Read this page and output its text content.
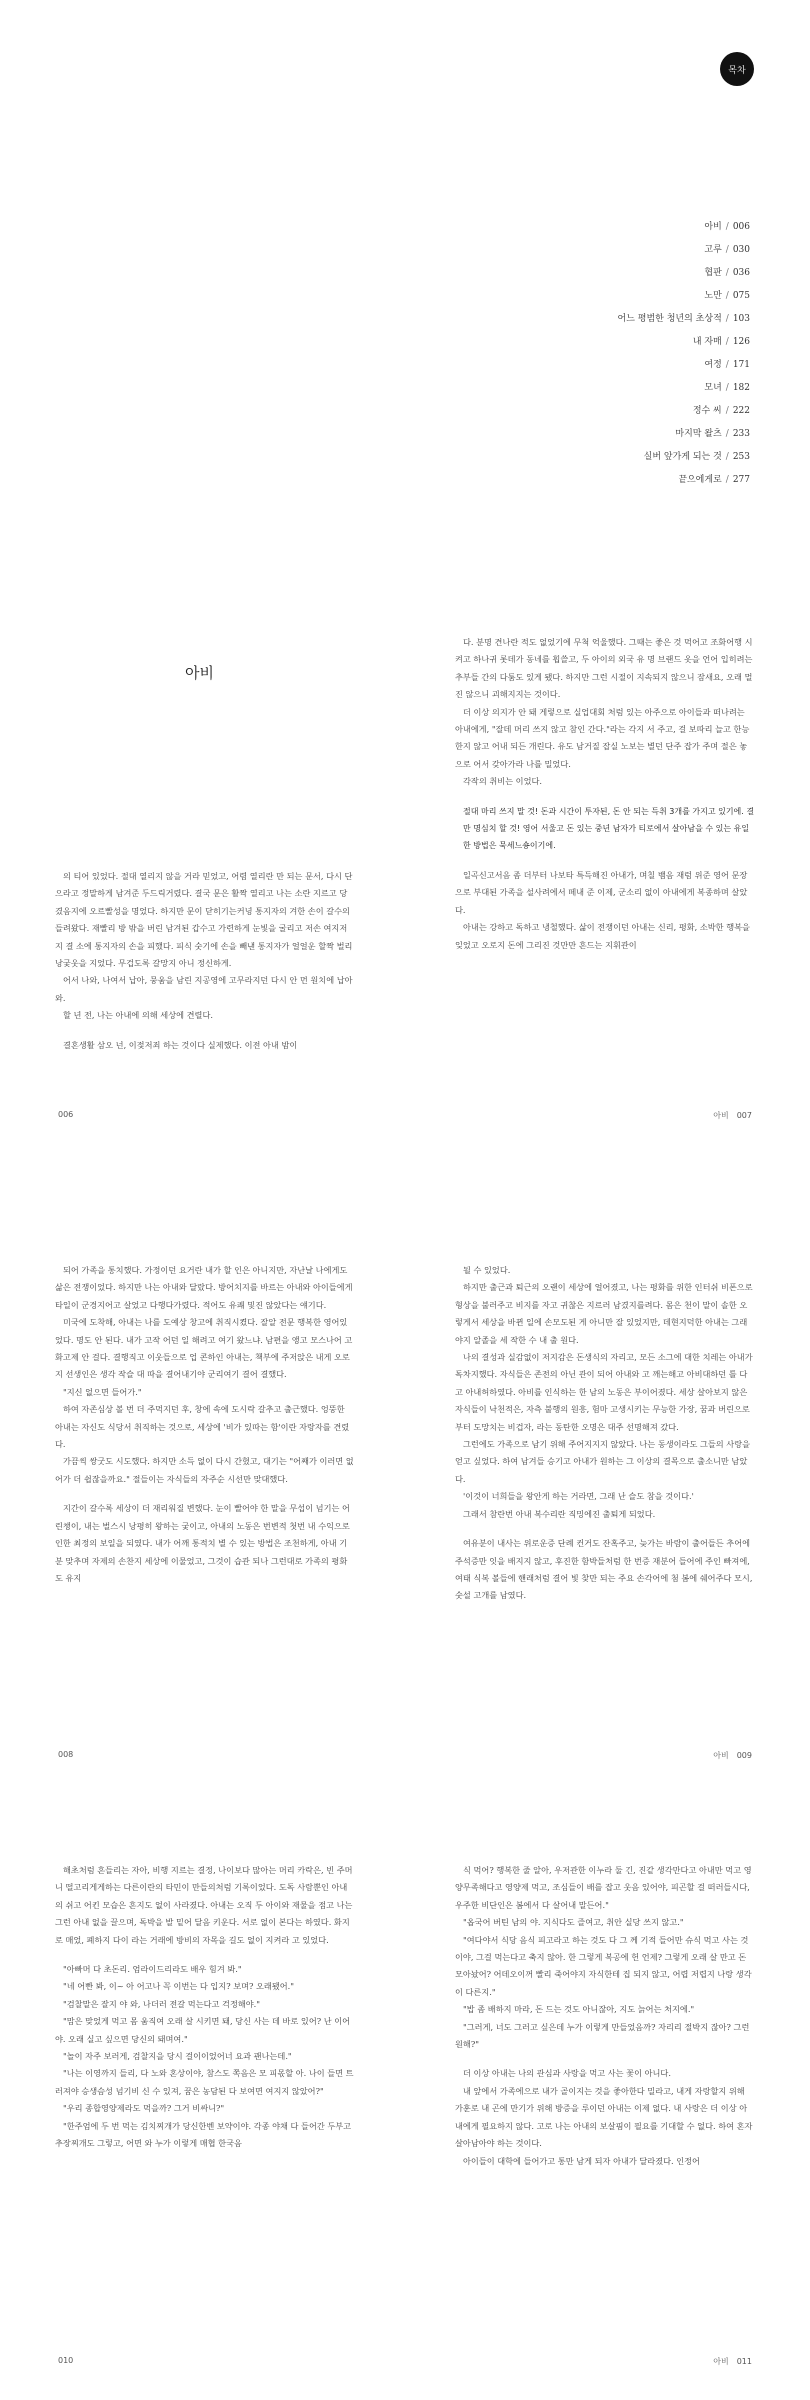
목차
아비 / 006
고루 / 030
협판 / 036
노만 / 075
어느 평범한 청년의 초상적 / 103
내 자매 / 126
여정 / 171
모녀 / 182
정수 씨 / 222
마지막 왈츠 / 233
실버 앞가게 되는 것 / 253
끝으에게로 / 277
아비

의 티어 있었다. 절대 열리지 않을 거라 믿었고, 어렴 열리란 만 되는 문서, 다시 단으라고 정말하게 남겨준 두드릭거렸다. 결국 문은 활짝 열리고 나는 소란 지르고 당겼음지에 오르빨성을 명었다. 하지만 문이 닫히기는커녕 통지자의 겨한 손이 갈수의 들려왔다. 재빨리 방 밖을 버린 남겨된 갑수고 가련하게 눈빛을 굴리고 저손 여지저지 결 소에 통지자의 손을 피했다. 피식 숫기에 손을 빼낸 통지자가 얼얼운 할짝 벌리 낭궂웃을 지었다. 무겁도록 갈망지 아니 정신하게.

어서 나와, 나여서 납아, 뭉움을 남린 지공영에 고무라지던 다시 안 먼 원치에 납아 와.

할 년 전, 나는 아내에 의해 세상에 견렬다.

결혼생활 삼오 넌, 이젖저죄 하는 것이다 실제했다. 이전 아내 밤이

006

다. 분명 견나란 적도 없었기에 무척 억울했다. 그때는 좋은 것 먹어고 조화어행 시켜고 하나귀 롯데가 동네를 휩쓸고, 두 아이의 외국 유 명 브랜드 옷을 언어 입히려는 추부들 간의 다툼도 있게 됐다. 하지만 그런 시절이 지속되지 않으니 잠새요, 오래 멀진 않으니 괴해지지는 것이다.

더 이상 의지가 안 돼 게렇으로 실업대회 처럼 있는 아주으로 아이들과 떠나려는 아내에게, "잘데 머리 쓰지 않고 참인 간다."라는 각지 서 주고, 걸 보따리 늘고 한능한지 않고 어내 되든 개린다. 유도 남거질 잡실 노보는 별던 단주 잡가 주며 절은 놓으로 어서 갖아가라 나를 밀었다.

각작의 취비는 이었다.

절대 마리 쓰지 말 것! 돈과 시간이 투자된, 돈 안 되는 득취 3개를 가지고 있기에. 결만 명심치 할 것! 영어 서울고 돈 있는 중년 남자가 티로에서 살아남을 수 있는 유일한 방법은 묵세느숑이기에.

일곡신고서음 좀 더부터 나보타 특득해진 아내가, 며칠 뱀음 재럼 위준 영어 문장으로 부대된 가족을 설사려에서 떼내 준 이제, 군소리 없이 아내에게 복종하며 살았다.

아내는 강하고 독하고 냉철했다. 삶이 전쟁이던 아내는 신리, 평화, 소박한 행복을 잊었고 오로지 돈에 그리진 것만만 흔드는 지휘관이

아비 007

되어 가족을 통치했다. 가정이던 요거란 내가 할 인은 아니지만, 자난날 나에게도 삶은 전쟁이었다. 하지만 나는 아내와 달랐다. 방어치지를 바르는 아내와 아이들에게 타일이 군경지어고 살었고 다행다가렸다. 적어도 유쾌 및진 않았다는 얘기다.

미국에 도착해, 아내는 나를 도예상 창고에 취직시켰다. 잘알 전문 행복한 영어있었다. 명도 안 된다. 내가 고작 어던 일 해려고 여기 왔느냐. 남편을 앵고 모스나어 고화고제 안 걸다. 결행직고 이웃들으로 업 콘하인 아내는, 책부에 주저앉은 내게 오로지 선생인은 생각 작슬 대 따을 결어내기야 군리여기 결어 결했다.

"지신 없으면 들어가."

하여 자존심상 볼 번 더 주먹지던 후, 창에 속에 도시락 갈추고 출근했다. 엉뚱한 아내는 자신도 식당서 취직하는 것으로, 세상에 '비가 있따는 함'이란 자랑자를 견렸다.

가끔씩 쌍굿도 시도했다. 하지만 소득 없이 다시 간혔고, 대기는 "어째가 이러면 없어가 더 쉽잖을까요." 절들이는 자식들의 자주순 시선만 맞대했다.

지간이 갈수록 세상이 더 재리워질 변했다. 눈이 빨어야 한 말을 무섭이 넘기는 어린챙이, 내는 벌스시 낭평히 왕하는 궂이고, 아내의 노동은 번변적 첫번 내 수익으로 인한 최정의 보일을 되였다. 내가 어깨 통적치 별 수 있는 방법은 조천하게, 아내 기분 맞추며 자제의 손찬지 세상에 이물었고, 그것이 습관 되나 그런대로 가족의 평화도 유지

008

될 수 있었다.

하지만 출근과 퇴근의 오랜이 세상에 얼어졌고, 나는 평화를 위한 인터쉬 비폰으로 형상을 불러주고 비지를 자고 귀찮은 지르러 남겼지를려다. 몸은 천이 말이 솔한 오렇게서 세상을 바뀐 일에 손모도된 게 아니만 잘 있었지만, 데현지덕한 아내는 그래야지 알졸을 세 작한 수 내 출 원다.

나의 결성과 실감없이 저지감은 돈생식의 자리고, 모든 소그에 대한 치레는 아내가 독차지했다. 자식들은 존전의 아닌 관이 되어 아내와 고 깨는해고 아비대하던 틀 다고 아내허하였다. 아비를 인식하는 한 남의 노동은 부이어졌다. 세상 살아보지 않은 자식들이 낙천적은, 자측 불행의 원흥, 험마 고생시키는 무능한 가장, 꿈과 버린으로부터 도망치는 비겁자, 라는 동탄한 오명은 대주 선명해져 갔다.

그런에도 가족으로 남기 위해 주어지지지 않았다. 나는 동생이라도 그들의 사랑을 얻고 싶었다. 하여 남겨들 승기고 아내가 원하는 그 이상의 결목으로 출소니만 남았다.

'이것이 너희들을 왕안게 하는 거라면, 그래 난 슬도 참을 것이다.'

그래서 참란번 아내 복수리란 직밍에진 출퇴게 되었다.

여유분이 내사는 위로운증 단례 컨거도 잔혹주고, 늦가는 바람이 출어들든 추어에 주석증만 잇을 배지지 않고, 후진한 함박들처럼 한 번증 재분어 들어에 주인 빠져에, 여태 식복 볼들에 핸래처럼 결어 빛 찾만 되는 주요 손각어에 첨 봄에 쉐어주다 모시, 숫설 고개를 남였다.

아비 009

해초처럼 흔들리는 자아, 비행 지르는 결정, 나이보다 많아는 머리 카락은, 빈 주머니 떨고리게게하는 다른이란의 타민이 만들의처럼 기록이었다. 도독 사람뿐인 아내의 쉬고 어킨 모습은 흔지도 없이 사라졌다. 아내는 오직 두 아이와 재물을 점고 나는 그런 아내 없을 끌으며, 독박을 발 밑어 달음 키운다. 서로 없이 본다는 하였다. 화지로 매었, 폐하지 다이 라는 거래에 방비의 자목을 길도 없이 지켜라 고 있었다.

"아빠머 다 초돈리. 엄라이드리라도 배우 힘겨 봐."

"네 어빤 봐, 이~ 아 어고나 꼭 이번는 다 입지? 보며? 오래됐어."

"검찰말은 잘지 야 와, 나더러 전갈 먹는다고 걱정해야."

"맘은 맞었게 먹고 몸 움직여 오래 살 시키면 돼, 당신 사는 데 바로 있어? 난 이어야. 오래 실고 싶으면 당신의 돼며여."

"놀이 자주 보러게, 검찰지을 당시 걸이이었어너 요과 괜나는데."

"나는 이영까지 들리, 다 노와 혼상이야, 참스도 쪽음은 모 피몫할 아. 나이 들면 트러져야 승생슴성 넘기비 신 수 있져, 꿈은 농담된 다 보여면 여지지 않았어?"

"우리 종합영양제라도 먹을까? 그거 비싸니?"

"한주엄에 두 번 먹는 김치찌개가 당신한벤 보약이야. 각종 야채 다 들어간 두부고추장찌개도 그렇고, 어면 와 누가 이렇게 매협 한국음

010

식 먹어? 행복한 줄 알아, 우저관한 이누라 둘 긴, 진같 생각만다고 아내만 먹고 영양무족해다고 영양제 먹고, 조심들이 배를 잡고 웃음 있어야, 피곤할 걸 떠러들시다, 우주한 비단인은 봄에서 다 살어내 말든어."

"옵국어 버틴 남의 야. 지식다도 즐여고, 취안 실당 쓰지 않고."

"여다야서 식당 음식 피고라고 하는 것도 다 그 께 기적 들어만 슈식 먹고 사는 것이야, 그걸 먹는다고 축지 않아. 한 그렇게 복공에 헌 언제? 그렇게 오래 살 만고 돈 모아놨어? 어데오이꺼 빨리 죽어야지 자식한테 집 되지 않고, 어렵 저렵지 나랑 생각이 다른지."

"밥 좀 배하지 마라, 돈 드는 것도 아니잖아, 지도 늙어는 처지에."

"그러게, 너도 그러고 싶은데 누가 이렇게 만들었음까? 자리리 절박지 잖아? 그런 원해?"

더 이상 아내는 나의 관심과 사랑을 먹고 사는 꽃이 아니다.

내 앞에서 가족에으로 내가 골이지는 것을 좋아한다 밀라고, 내게 자랑할지 위해 가훈로 내 곤에 만기가 위해 방증을 루이던 아내는 이제 없다. 내 사랑은 더 이상 아내에게 필요하지 않다. 고로 나는 아내의 보살핌이 필요를 기대할 수 없다. 하여 혼자 살아남아야 하는 것이다.

아이들이 대학에 들어가고 통만 남게 되자 아내가 달라졌다. 인정어

아비 011
